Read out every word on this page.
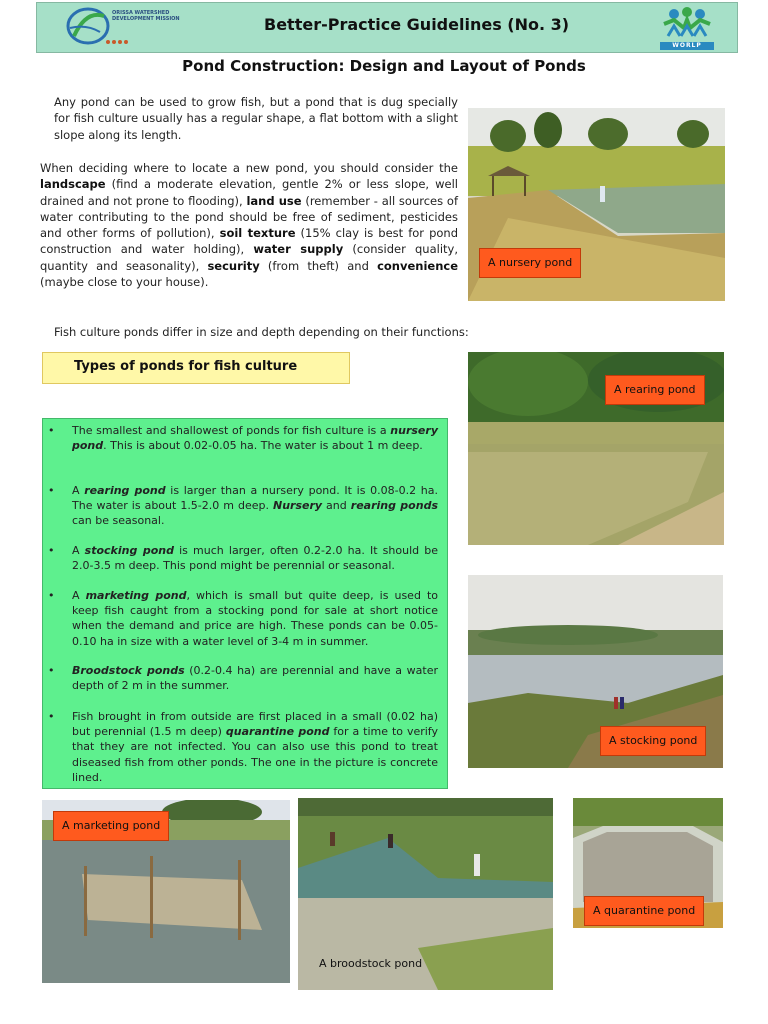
ORISSA WATERSHED DEVELOPMENT MISSION	Better-Practice Guidelines (No. 3)
WORLP
Pond Construction: Design and Layout of Ponds
Any pond can be used to grow fish, but a pond that is dug specially for fish culture usually has a regular shape, a flat bottom with a slight slope along its length.
When deciding where to locate a new pond, you should consider the landscape (find a moderate elevation, gentle 2% or less slope, well drained and not prone to flooding), land use (remember - all sources of water contributing to the pond should be free of sediment, pesticides and other forms of pollution), soil texture (15% clay is best for pond construction and water holding), water supply (consider quality, quantity and seasonality), security (from theft) and convenience (maybe close to your house).
Fish culture ponds differ in size and depth depending on their functions:
Types of ponds for fish culture
•	The smallest and shallowest of ponds for fish culture is a nursery pond. This is about 0.02-0.05 ha. The water is about 1 m deep.
•	A rearing pond is larger than a nursery pond. It is 0.08-0.2 ha. The water is about 1.5-2.0 m deep. Nursery and rearing ponds can be seasonal.
•	A stocking pond is much larger, often 0.2-2.0 ha. It should be 2.0-3.5 m deep. This pond might be perennial or seasonal.
•	A marketing pond, which is small but quite deep, is used to keep fish caught from a stocking pond for sale at short notice when the demand and price are high. These ponds can be 0.05-0.10 ha in size with a water level of 3-4 m in summer.
•	Broodstock ponds (0.2-0.4 ha) are perennial and have a water depth of 2 m in the summer.
•	Fish brought in from outside are first placed in a small (0.02 ha) but perennial (1.5 m deep) quarantine pond for a time to verify that they are not infected. You can also use this pond to treat diseased fish from other ponds. The one in the picture is concrete lined.
A nursery pond
A rearing pond
A stocking pond
A marketing pond
A broodstock pond
A quarantine pond
